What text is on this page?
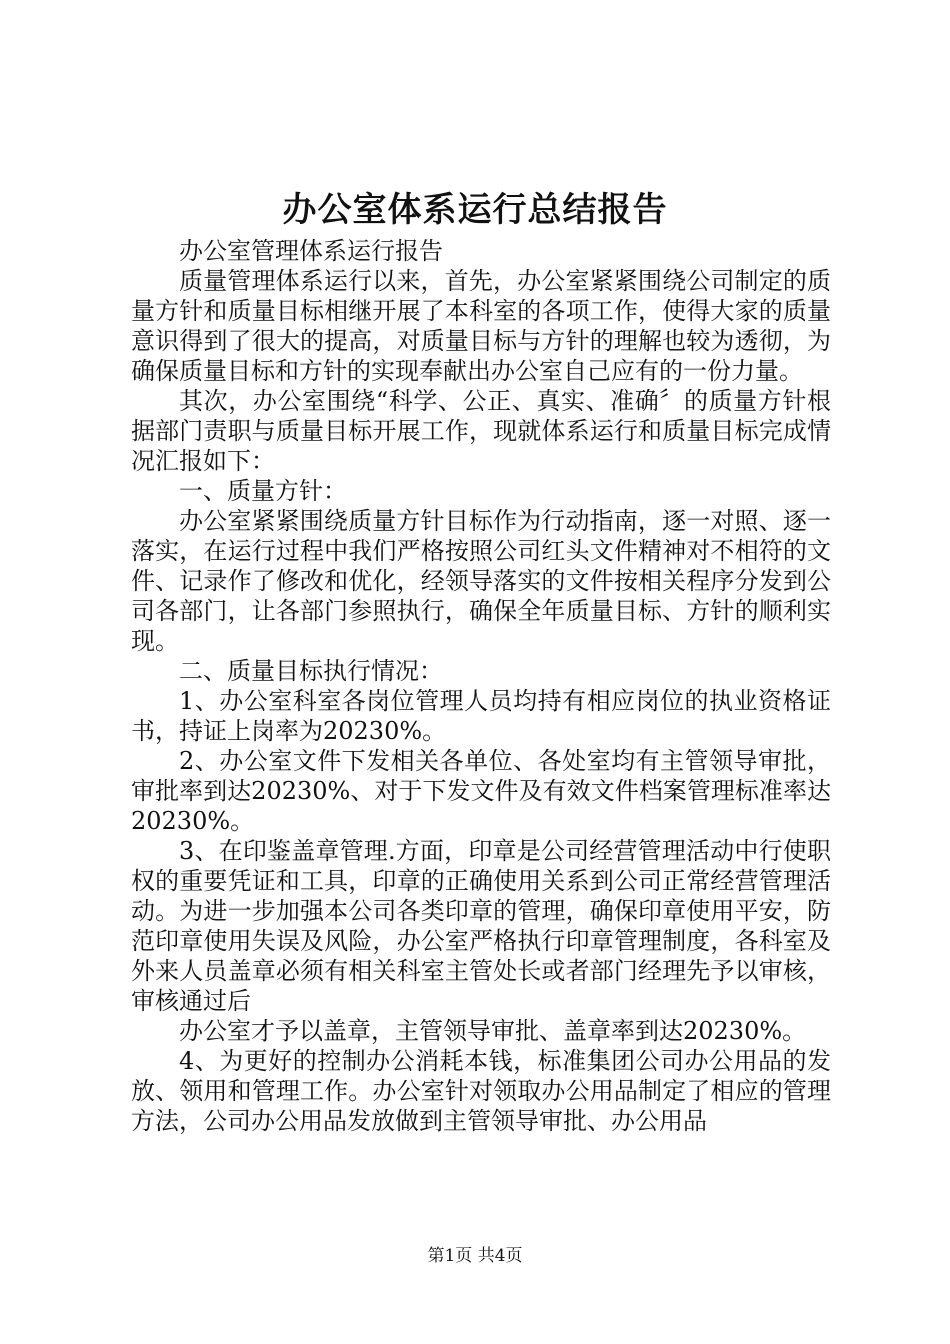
办公室体系运行总结报告

办公室管理体系运行报告

质量管理体系运行以来，首先，办公室紧紧围绕公司制定的质量方针和质量目标相继开展了本科室的各项工作，使得大家的质量意识得到了很大的提高，对质量目标与方针的理解也较为透彻，为确保质量目标和方针的实现奉献出办公室自己应有的一份力量。

其次，办公室围绕“科学、公正、真实、准确〞的质量方针根据部门责职与质量目标开展工作，现就体系运行和质量目标完成情况汇报如下：

一、质量方针：

办公室紧紧围绕质量方针目标作为行动指南，逐一对照、逐一落实，在运行过程中我们严格按照公司红头文件精神对不相符的文件、记录作了修改和优化，经领导落实的文件按相关程序分发到公司各部门，让各部门参照执行，确保全年质量目标、方针的顺利实现。

二、质量目标执行情况：

1、办公室科室各岗位管理人员均持有相应岗位的执业资格证书，持证上岗率为20230%。

2、办公室文件下发相关各单位、各处室均有主管领导审批，审批率到达20230%、对于下发文件及有效文件档案管理标准率达20230%。

3、在印鉴盖章管理.方面，印章是公司经营管理活动中行使职权的重要凭证和工具，印章的正确使用关系到公司正常经营管理活动。为进一步加强本公司各类印章的管理，确保印章使用平安，防范印章使用失误及风险，办公室严格执行印章管理制度，各科室及外来人员盖章必须有相关科室主管处长或者部门经理先予以审核，审核通过后

办公室才予以盖章，主管领导审批、盖章率到达20230%。

4、为更好的控制办公消耗本钱，标准集团公司办公用品的发放、领用和管理工作。办公室针对领取办公用品制定了相应的管理方法，公司办公用品发放做到主管领导审批、办公用品

第1页 共4页
